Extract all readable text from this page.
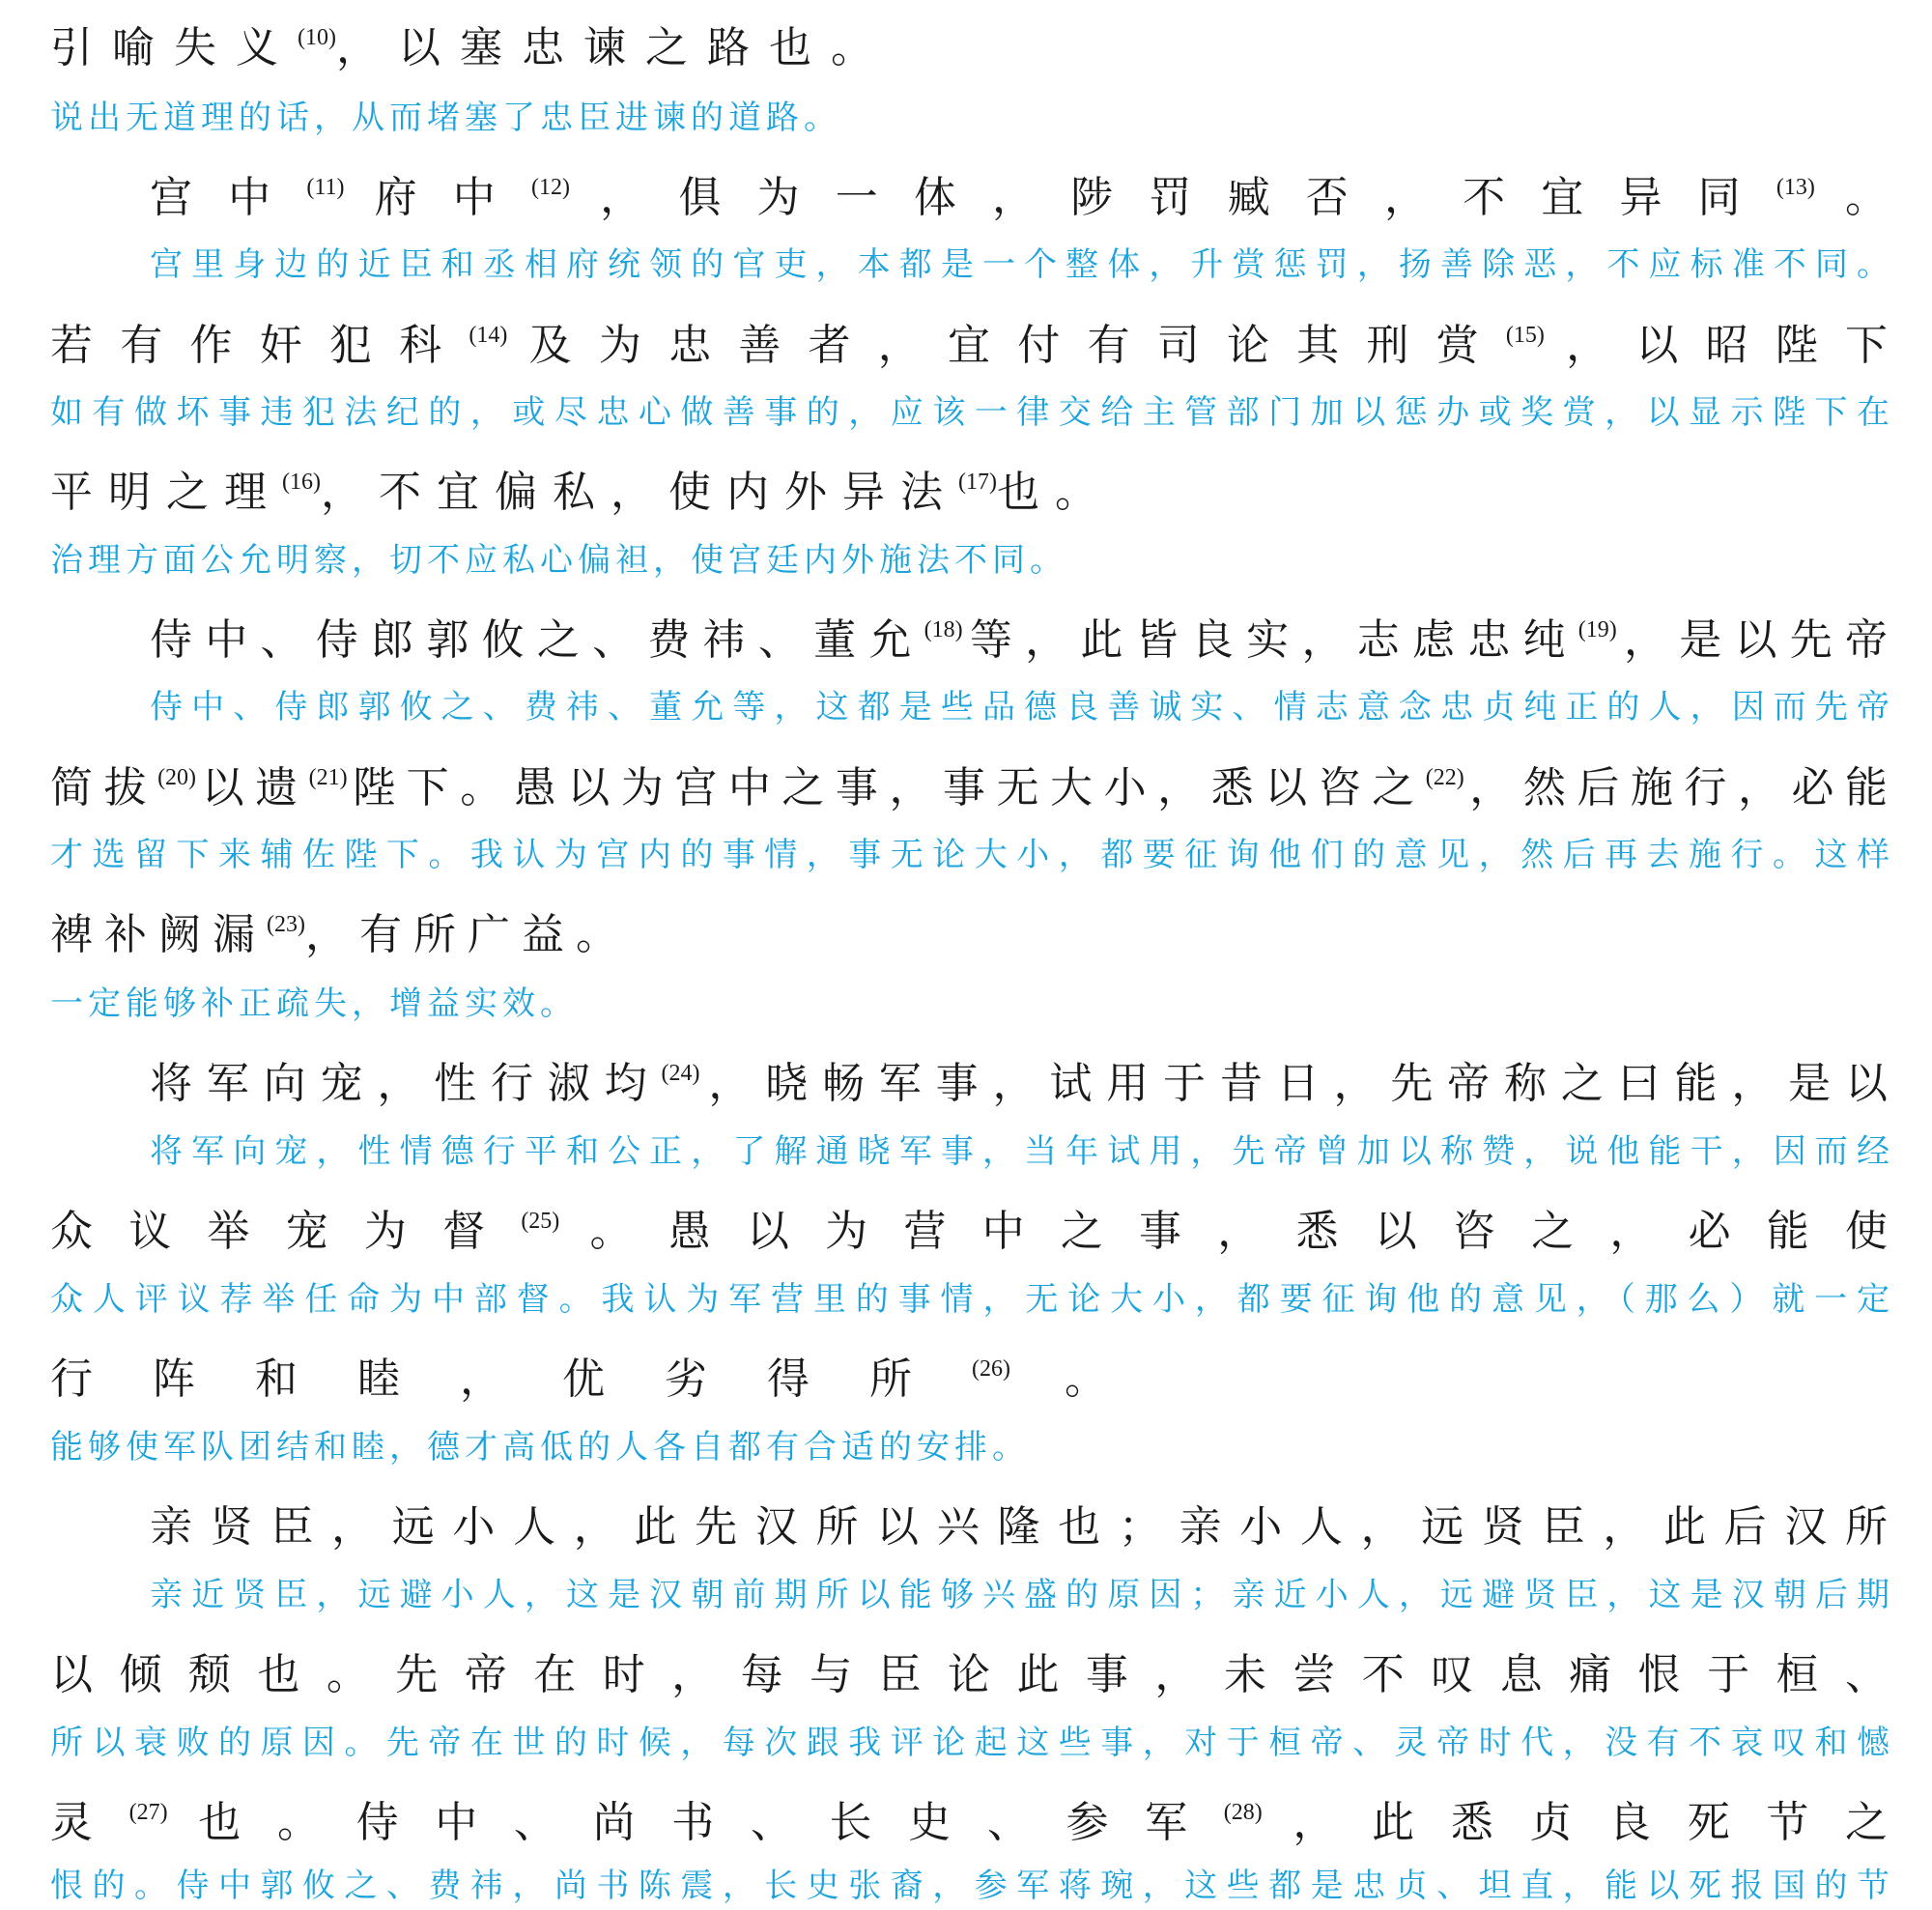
引喻失义$^{(10)}$，以塞忠谏之路也。
说出无道理的话，从而堵塞了忠臣进谏的道路。
宫中$^{(11)}$府中$^{(12)}$，俱为一体，陟罚臧否，不宜异同$^{(13)}$。
宫里身边的近臣和丞相府统领的官吏，本都是一个整体，升赏惩罚，扬善除恶，不应标准不同。
若有作奸犯科$^{(14)}$及为忠善者，宜付有司论其刑赏$^{(15)}$，以昭陛下
如有做坏事违犯法纪的，或尽忠心做善事的，应该一律交给主管部门加以惩办或奖赏，以显示陛下在
平明之理$^{(16)}$，不宜偏私，使内外异法$^{(17)}$也。
治理方面公允明察，切不应私心偏袒，使宫廷内外施法不同。
侍中、侍郎郭攸之、费祎、董允$^{(18)}$等，此皆良实，志虑忠纯$^{(19)}$，是以先帝
侍中、侍郎郭攸之、费祎、董允等，这都是些品德良善诚实、情志意念忠贞纯正的人，因而先帝
简拔$^{(20)}$以遗$^{(21)}$陛下。愚以为宫中之事，事无大小，悉以咨之$^{(22)}$，然后施行，必能
才选留下来辅佐陛下。我认为宫内的事情，事无论大小，都要征询他们的意见，然后再去施行。这样
裨补阙漏$^{(23)}$，有所广益。
一定能够补正疏失，增益实效。
将军向宠，性行淑均$^{(24)}$，晓畅军事，试用于昔日，先帝称之曰能，是以
将军向宠，性情德行平和公正，了解通晓军事，当年试用，先帝曾加以称赞，说他能干，因而经
众议举宠为督$^{(25)}$。愚以为营中之事，悉以咨之，必能使
众人评议荐举任命为中部督。我认为军营里的事情，无论大小，都要征询他的意见，（那么）就一定
行阵和睦，优劣得所$^{(26)}$。
能够使军队团结和睦，德才高低的人各自都有合适的安排。
亲贤臣，远小人，此先汉所以兴隆也；亲小人，远贤臣，此后汉所
亲近贤臣，远避小人，这是汉朝前期所以能够兴盛的原因；亲近小人，远避贤臣，这是汉朝后期
以倾颓也。先帝在时，每与臣论此事，未尝不叹息痛恨于桓、
所以衰败的原因。先帝在世的时候，每次跟我评论起这些事，对于桓帝、灵帝时代，没有不哀叹和憾
灵$^{(27)}$也。侍中、尚书、长史、参军$^{(28)}$，此悉贞良死节之
恨的。侍中郭攸之、费祎，尚书陈震，长史张裔，参军蒋琬，这些都是忠贞、坦直，能以死报国的节
